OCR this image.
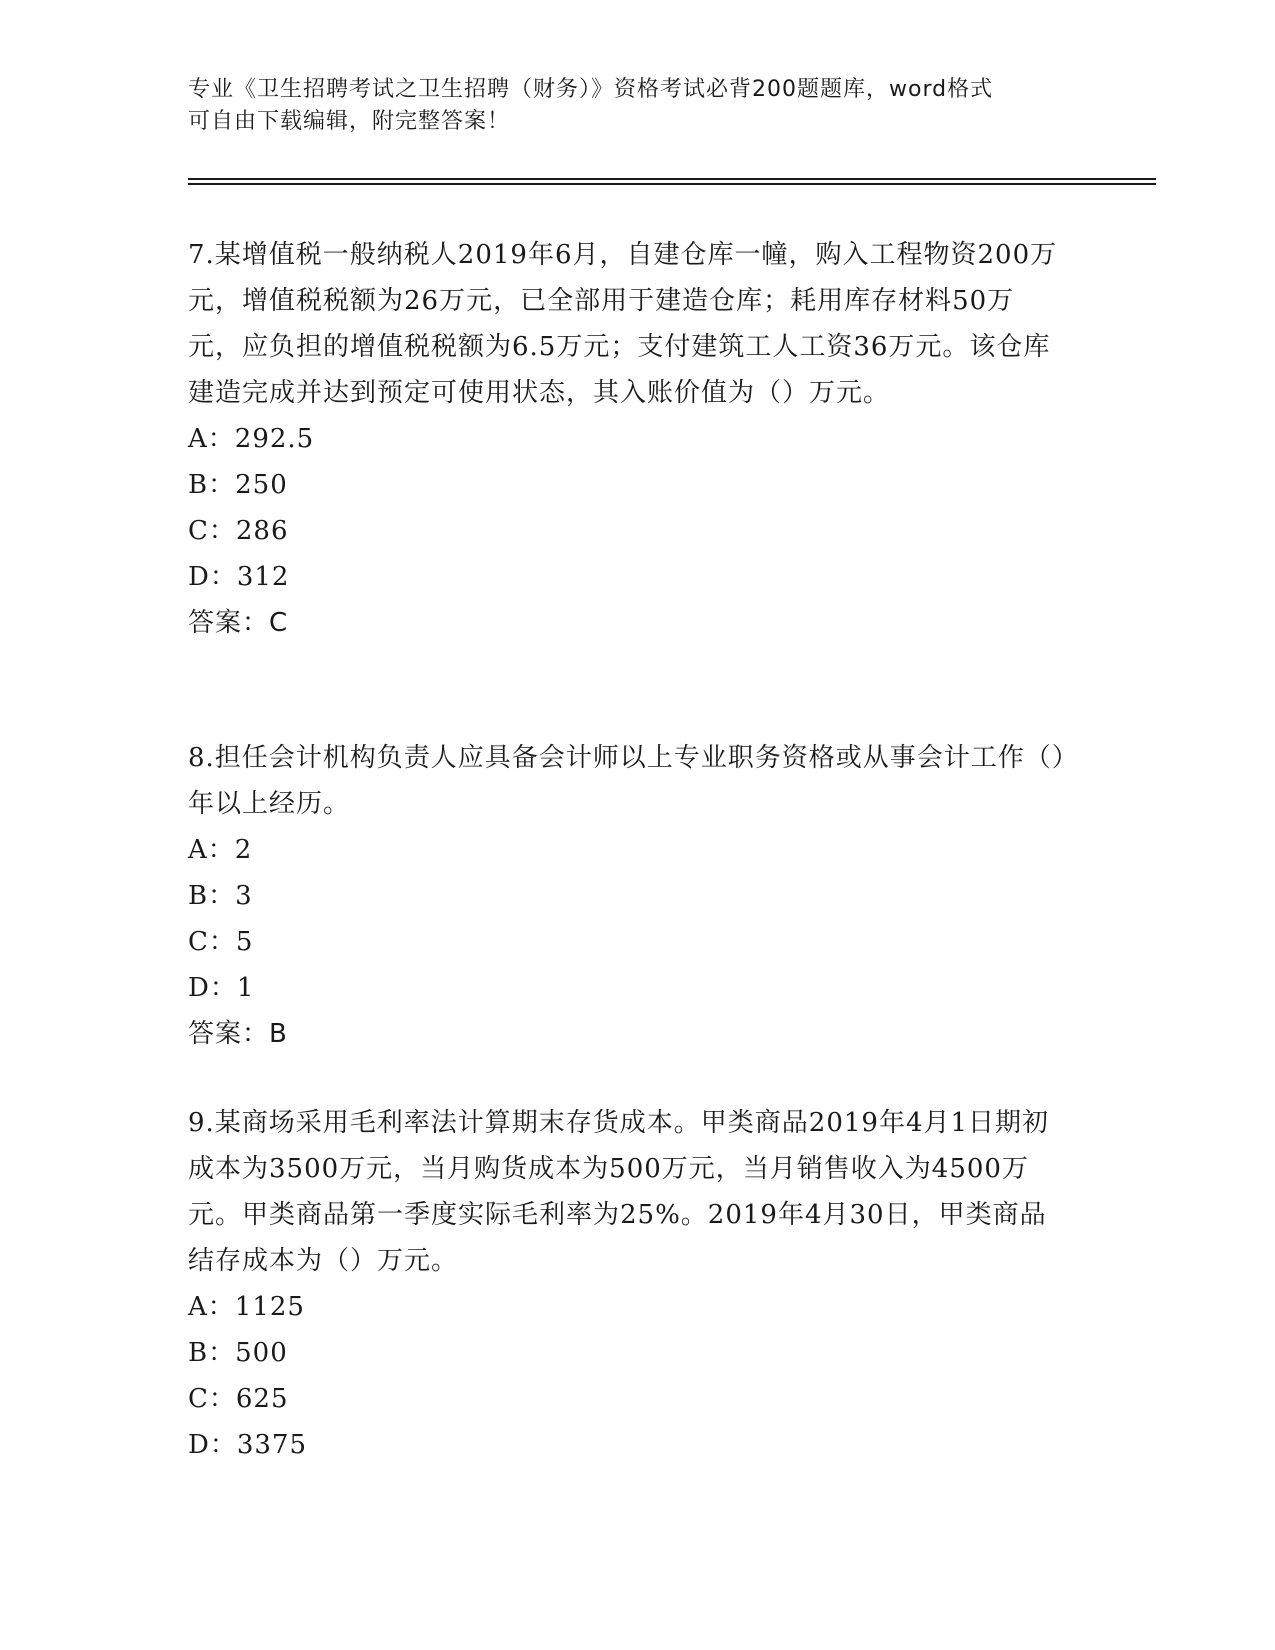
专业《卫生招聘考试之卫生招聘（财务）》资格考试必背200题题库，word格式
可自由下载编辑，附完整答案！

7.某增值税一般纳税人2019年6月，自建仓库一幢，购入工程物资200万元，增值税税额为26万元，已全部用于建造仓库；耗用库存材料50万元，应负担的增值税税额为6.5万元；支付建筑工人工资36万元。该仓库建造完成并达到预定可使用状态，其入账价值为（）万元。

A：292.5

B：250

C：286

D：312

答案：C

8.担任会计机构负责人应具备会计师以上专业职务资格或从事会计工作（）年以上经历。

A：2

B：3

C：5

D：1

答案：B

9.某商场采用毛利率法计算期末存货成本。甲类商品2019年4月1日期初成本为3500万元，当月购货成本为500万元，当月销售收入为4500万元。甲类商品第一季度实际毛利率为25%。2019年4月30日，甲类商品结存成本为（）万元。

A：1125

B：500

C：625

D：3375
